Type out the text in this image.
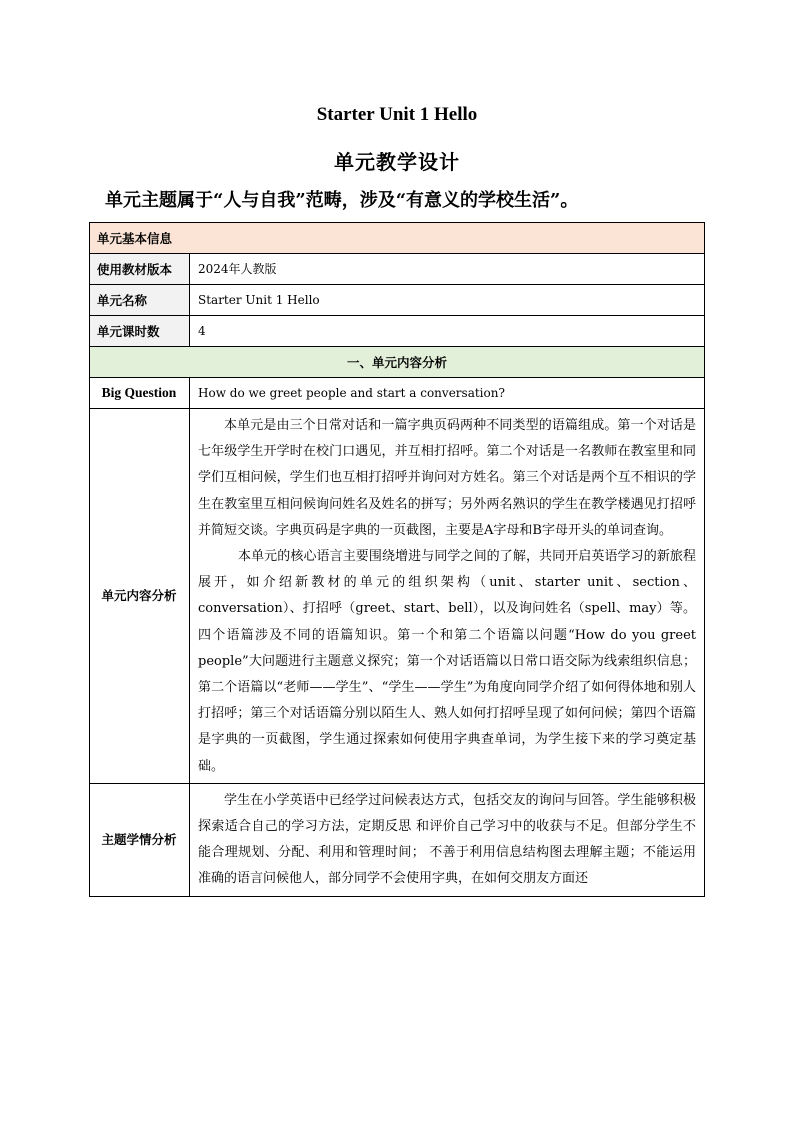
Starter Unit 1 Hello
单元教学设计
单元主题属于“人与自我”范畴，涉及“有意义的学校生活”。
单元基本信息	
使用教材版本	2024年人教版
单元名称	Starter Unit 1 Hello
单元课时数	4
一、单元内容分析	
Big Question	How do we greet people and start a conversation?
单元内容分析	本单元是由三个日常对话和一篇字典页码两种不同类型的语篇组成。第一个对话是七年级学生开学时在校门口遇见，并互相打招呼。第二个对话是一名教师在教室里和同学们互相问候，学生们也互相打招呼并询问对方姓名。第三个对话是两个互不相识的学生在教室里互相问候询问姓名及姓名的拼写；另外两名熟识的学生在教学楼遇见打招呼并简短交谈。字典页码是字典的一页截图，主要是A字母和B字母开头的单词查询。

本单元的核心语言主要围绕增进与同学之间的了解，共同开启英语学习的新旅程展开，如介绍新教材的单元的组织架构（unit、starter unit、section、conversation）、打招呼（greet、start、bell），以及询问姓名（spell、may）等。四个语篇涉及不同的语篇知识。第一个和第二个语篇以问题“How do you greet people”大问题进行主题意义探究；第一个对话语篇以日常口语交际为线索组织信息；第二个语篇以“老师——学生”、“学生——学生”为角度向同学介绍了如何得体地和别人打招呼；第三个对话语篇分别以陌生人、熟人如何打招呼呈现了如何问候；第四个语篇是字典的一页截图，学生通过探索如何使用字典查单词，为学生接下来的学习奠定基础。

主题学情分析	学生在小学英语中已经学过问候表达方式，包括交友的询问与回答。学生能够积极探索适合自己的学习方法，定期反思 和评价自己学习中的收获与不足。但部分学生不能合理规划、分配、利用和管理时间； 不善于利用信息结构图去理解主题；不能运用准确的语言问候他人，部分同学不会使用字典，在如何交朋友方面还
